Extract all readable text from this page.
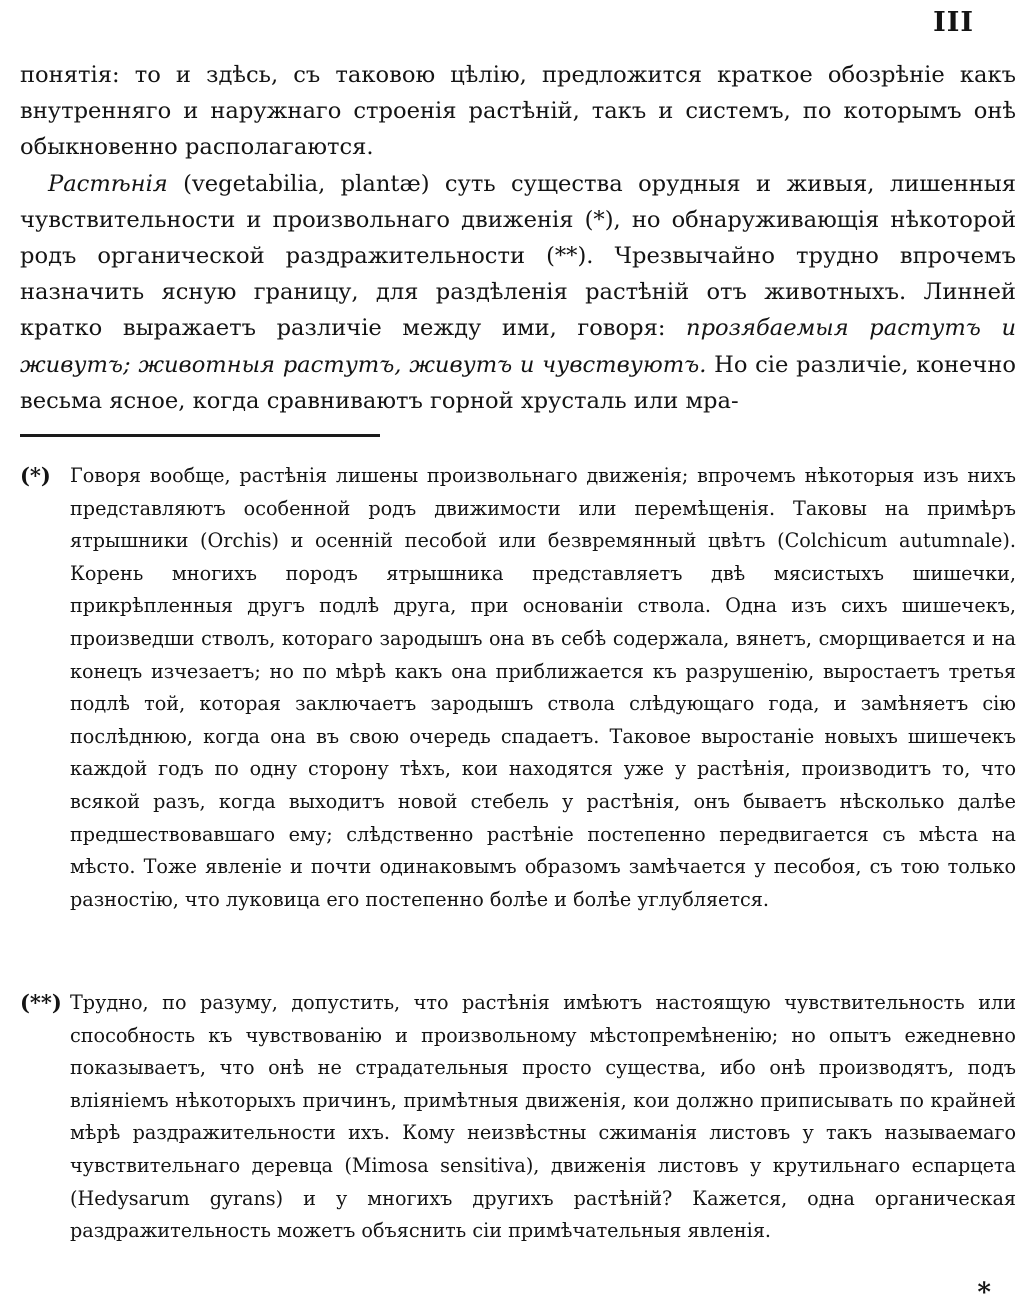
III

понятія: то и здѣсь, съ таковою цѣлію, предложится краткое обозрѣніе какъ внутренняго и наружнаго строенія растѣній, такъ и системъ, по которымъ онѣ обыкновенно располагаются.

Растѣнія (vegetabilia, plantæ) суть существа орудныя и живыя, лишенныя чувствительности и произвольнаго движенія (*), но обнаруживающія нѣкоторой родъ органической раздражительности (**). Чрезвычайно трудно впрочемъ назначить ясную границу, для раздѣленія растѣній отъ животныхъ. Линней кратко выражаетъ различіе между ими, говоря: прозябаемыя растутъ и живутъ; животныя растутъ, живутъ и чувствуютъ. Но сіе различіе, конечно весьма ясное, когда сравниваютъ горной хрусталь или мра-

(*) Говоря вообще, растѣнія лишены произвольнаго движенія; впрочемъ нѣкоторыя изъ нихъ представляютъ особенной родъ движимости или перемѣщенія. Таковы на примѣръ ятрышники (Orchis) и осенній песобой или безвремянный цвѣтъ (Colchicum autumnale). Корень многихъ породъ ятрышника представляетъ двѣ мясистыхъ шишечки, прикрѣпленныя другъ подлѣ друга, при основаніи ствола. Одна изъ сихъ шишечекъ, произведши стволъ, котораго зародышъ она въ себѣ содержала, вянетъ, сморщивается и на конецъ изчезаетъ; но по мѣрѣ какъ она приближается къ разрушенію, выростаетъ третья подлѣ той, которая заключаетъ зародышъ ствола слѣдующаго года, и замѣняетъ сію послѣднюю, когда она въ свою очередь спадаетъ. Таковое выростаніе новыхъ шишечекъ каждой годъ по одну сторону тѣхъ, кои находятся уже у растѣнія, производитъ то, что всякой разъ, когда выходитъ новой стебель у растѣнія, онъ бываетъ нѣсколько далѣе предшествовавшаго ему; слѣдственно растѣніе постепенно передвигается съ мѣста на мѣсто. Тоже явленіе и почти одинаковымъ образомъ замѣчается у песобоя, съ тою только разностію, что луковица его постепенно болѣе и болѣе углубляется.
(**) Трудно, по разуму, допустить, что растѣнія имѣютъ настоящую чувствительность или способность къ чувствованію и произвольному мѣстопремѣненію; но опытъ ежедневно показываетъ, что онѣ не страдательныя просто существа, ибо онѣ производятъ, подъ вліяніемъ нѣкоторыхъ причинъ, примѣтныя движенія, кои должно приписывать по крайней мѣрѣ раздражительности ихъ. Кому неизвѣстны сжиманія листовъ у такъ называемаго чувствительнаго деревца (Mimosa sensitiva), движенія листовъ у крутильнаго еспарцета (Hedysarum gyrans) и у многихъ другихъ растѣній? Кажется, одна органическая раздражительность можетъ объяснить сіи примѣчательныя явленія.
*
